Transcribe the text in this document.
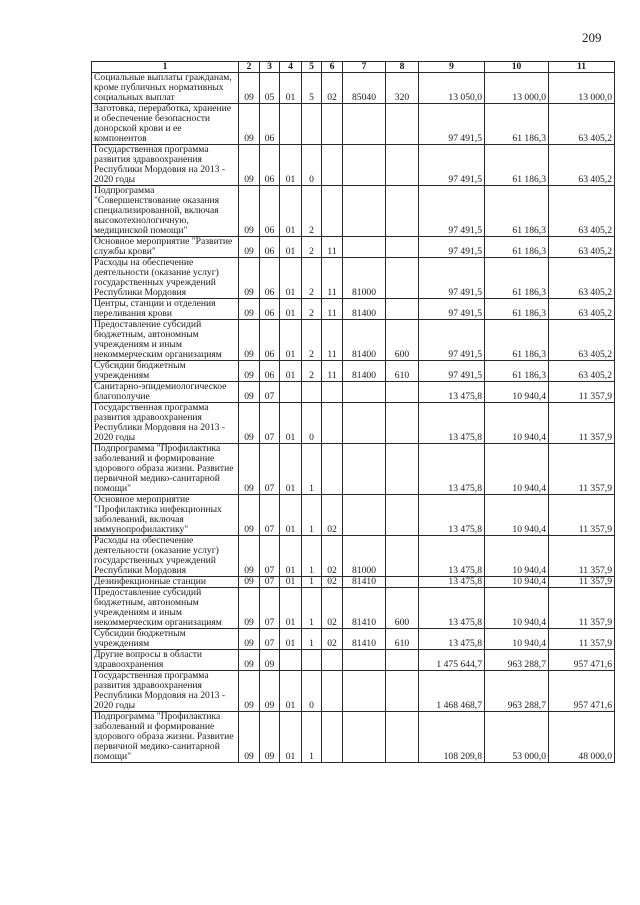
209
1	2	3	4	5	6	7	8	9	10	11
Социальные выплаты гражданам, кроме публичных нормативных социальных выплат	09	05	01	5	02	85040	320	13 050,0	13 000,0	13 000,0
Заготовка, переработка, хранение и обеспечение безопасности донорской крови и ее компонентов	09	06						97 491,5	61 186,3	63 405,2
Государственная программа развития здравоохранения Республики Мордовия на 2013 - 2020 годы	09	06	01	0				97 491,5	61 186,3	63 405,2
Подпрограмма "Совершенствование оказания специализированной, включая высокотехнологичную, медицинской помощи"	09	06	01	2				97 491,5	61 186,3	63 405,2
Основное мероприятие "Развитие службы крови"	09	06	01	2	11			97 491,5	61 186,3	63 405,2
Расходы на обеспечение деятельности (оказание услуг) государственных учреждений Республики Мордовия	09	06	01	2	11	81000		97 491,5	61 186,3	63 405,2
Центры, станции и отделения переливания крови	09	06	01	2	11	81400		97 491,5	61 186,3	63 405,2
Предоставление субсидий бюджетным, автономным учреждениям и иным некоммерческим организациям	09	06	01	2	11	81400	600	97 491,5	61 186,3	63 405,2
Субсидии бюджетным учреждениям	09	06	01	2	11	81400	610	97 491,5	61 186,3	63 405,2
Санитарно-эпидемиологическое благополучие	09	07						13 475,8	10 940,4	11 357,9
Государственная программа развития здравоохранения Республики Мордовия на 2013 - 2020 годы	09	07	01	0				13 475,8	10 940,4	11 357,9
Подпрограмма "Профилактика заболеваний и формирование здорового образа жизни. Развитие первичной медико-санитарной помощи"	09	07	01	1				13 475,8	10 940,4	11 357,9
Основное мероприятие "Профилактика инфекционных заболеваний, включая иммунопрофилактику"	09	07	01	1	02			13 475,8	10 940,4	11 357,9
Расходы на обеспечение деятельности (оказание услуг) государственных учреждений Республики Мордовия	09	07	01	1	02	81000		13 475,8	10 940,4	11 357,9
Дезинфекционные станции	09	07	01	1	02	81410		13 475,8	10 940,4	11 357,9
Предоставление субсидий бюджетным, автономным учреждениям и иным некоммерческим организациям	09	07	01	1	02	81410	600	13 475,8	10 940,4	11 357,9
Субсидии бюджетным учреждениям	09	07	01	1	02	81410	610	13 475,8	10 940,4	11 357,9
Другие вопросы в области здравоохранения	09	09						1 475 644,7	963 288,7	957 471,6
Государственная программа развития здравоохранения Республики Мордовия на 2013 - 2020 годы	09	09	01	0				1 468 468,7	963 288,7	957 471,6
Подпрограмма "Профилактика заболеваний и формирование здорового образа жизни. Развитие первичной медико-санитарной помощи"	09	09	01	1				108 209,8	53 000,0	48 000,0
